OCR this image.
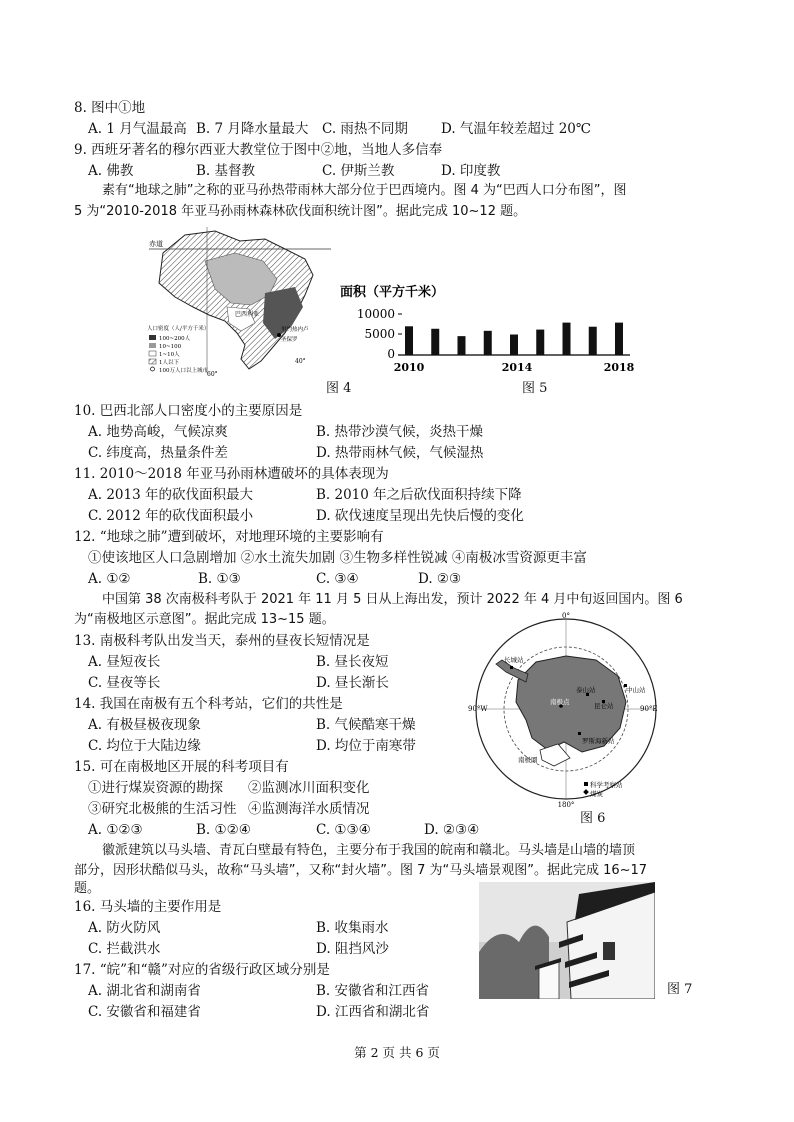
8. 图中①地
A. 1 月气温最高 B. 7 月降水量最大 C. 雨热不同期 D. 气温年较差超过 20℃
9. 西班牙著名的穆尔西亚大教堂位于图中②地，当地人多信奉
A. 佛教	B. 基督教	C. 伊斯兰教	D. 印度教
素有“地球之肺”之称的亚马孙热带雨林大部分位于巴西境内。图 4 为“巴西人口分布图”，图
5 为“2010-2018 年亚马孙雨林森林砍伐面积统计图”。据此完成 10~12 题。
赤道
巴西利亚
圣保罗
里约热内卢
60°
40°
人口密度（人/平方千米）
100~200人
10~100
1~10人
1人以下
100万人口以上城市
图 4
面积（平方千米）
10000
5000
0
2010	2014	2018
图 5
10. 巴西北部人口密度小的主要原因是
A. 地势高峻，气候凉爽	B. 热带沙漠气候，炎热干燥
C. 纬度高，热量条件差	D. 热带雨林气候，气候湿热
11. 2010～2018 年亚马孙雨林遭破坏的具体表现为
A. 2013 年的砍伐面积最大	B. 2010 年之后砍伐面积持续下降
C. 2012 年的砍伐面积最小	D. 砍伐速度呈现出先快后慢的变化
12. “地球之肺”遭到破坏，对地理环境的主要影响有
①使该地区人口急剧增加 ②水土流失加剧 ③生物多样性锐减 ④南极冰雪资源更丰富
A. ①②	B. ①③	C. ③④	D. ②③
中国第 38 次南极科考队于 2021 年 11 月 5 日从上海出发，预计 2022 年 4 月中旬返回国内。图 6
为“南极地区示意图”。据此完成 13~15 题。
13. 南极科考队出发当天，泰州的昼夜长短情况是
A. 昼短夜长	B. 昼长夜短
C. 昼夜等长	D. 昼长渐长
14. 我国在南极有五个科考站，它们的共性是
A. 有极昼极夜现象	B. 气候酷寒干燥
C. 均位于大陆边缘	D. 均位于南寒带
15. 可在南极地区开展的科考项目有
①进行煤炭资源的勘探 ②监测冰川面积变化
③研究北极熊的生活习性 ④监测海洋水质情况
A. ①②③	B. ①②④	C. ①③④	D. ②③④
0°
90°W	90°E
180°
长城站
中山站
泰山站
昆仑站
南极点
罗斯海新站
南极圈
科学考察站
煤炭
图 6
徽派建筑以马头墙、青瓦白壁最有特色，主要分布于我国的皖南和赣北。马头墙是山墙的墙顶
部分，因形状酷似马头，故称“马头墙”，又称“封火墙”。图 7 为“马头墙景观图”。据此完成 16~17
题。
16. 马头墙的主要作用是
A. 防火防风	B. 收集雨水
C. 拦截洪水	D. 阻挡风沙
17. “皖”和“赣”对应的省级行政区域分别是
A. 湖北省和湖南省	B. 安徽省和江西省
C. 安徽省和福建省	D. 江西省和湖北省
图 7
第 2 页 共 6 页
